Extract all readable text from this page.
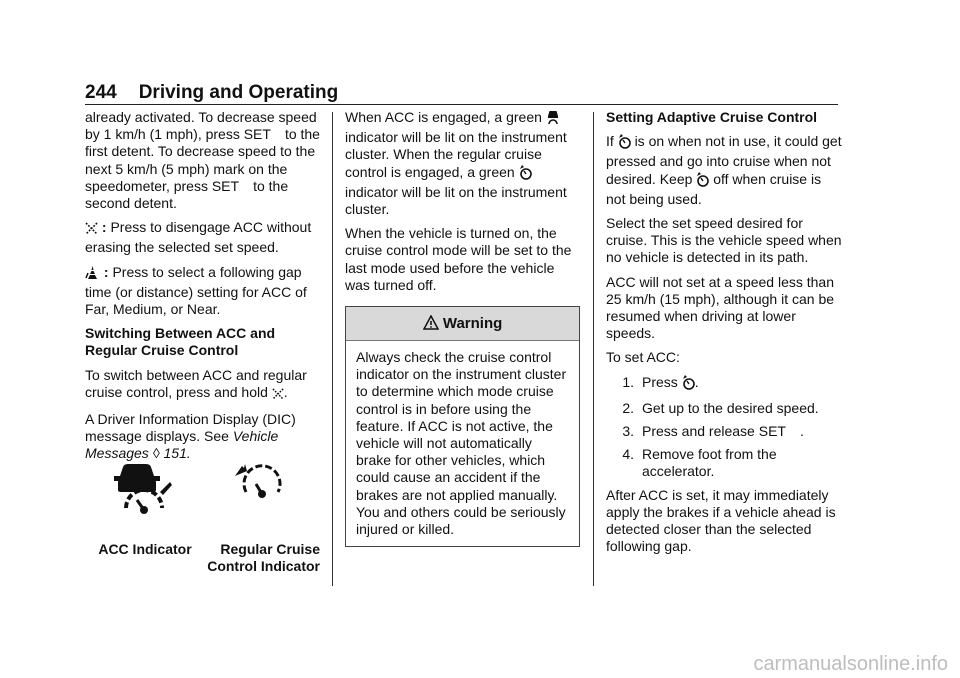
244 Driving and Operating

already activated. To decrease speed by 1 km/h (1 mph), press SET to the first detent. To decrease speed to the next 5 km/h (5 mph) mark on the speedometer, press SET to the second detent.

: Press to disengage ACC without erasing the selected set speed.

: Press to select a following gap time (or distance) setting for ACC of Far, Medium, or Near.

Switching Between ACC and Regular Cruise Control

To switch between ACC and regular cruise control, press and hold .

A Driver Information Display (DIC) message displays. See Vehicle Messages ◊ 151.

ACC Indicator	Regular Cruise Control Indicator

When ACC is engaged, a green
indicator will be lit on the instrument cluster. When the regular cruise control is engaged, a green
indicator will be lit on the instrument cluster.

When the vehicle is turned on, the cruise control mode will be set to the last mode used before the vehicle was turned off.

Warning
Always check the cruise control indicator on the instrument cluster to determine which mode cruise control is in before using the feature. If ACC is not active, the vehicle will not automatically brake for other vehicles, which could cause an accident if the brakes are not applied manually. You and others could be seriously injured or killed.

Setting Adaptive Cruise Control

If is on when not in use, it could get pressed and go into cruise when not desired. Keep off when cruise is not being used.

Select the set speed desired for cruise. This is the vehicle speed when no vehicle is detected in its path.

ACC will not set at a speed less than 25 km/h (15 mph), although it can be resumed when driving at lower speeds.

To set ACC:

1. Press .
2. Get up to the desired speed.
3. Press and release SET .
4. Remove foot from the accelerator.

After ACC is set, it may immediately apply the brakes if a vehicle ahead is detected closer than the selected following gap.

carmanualsonline.info
